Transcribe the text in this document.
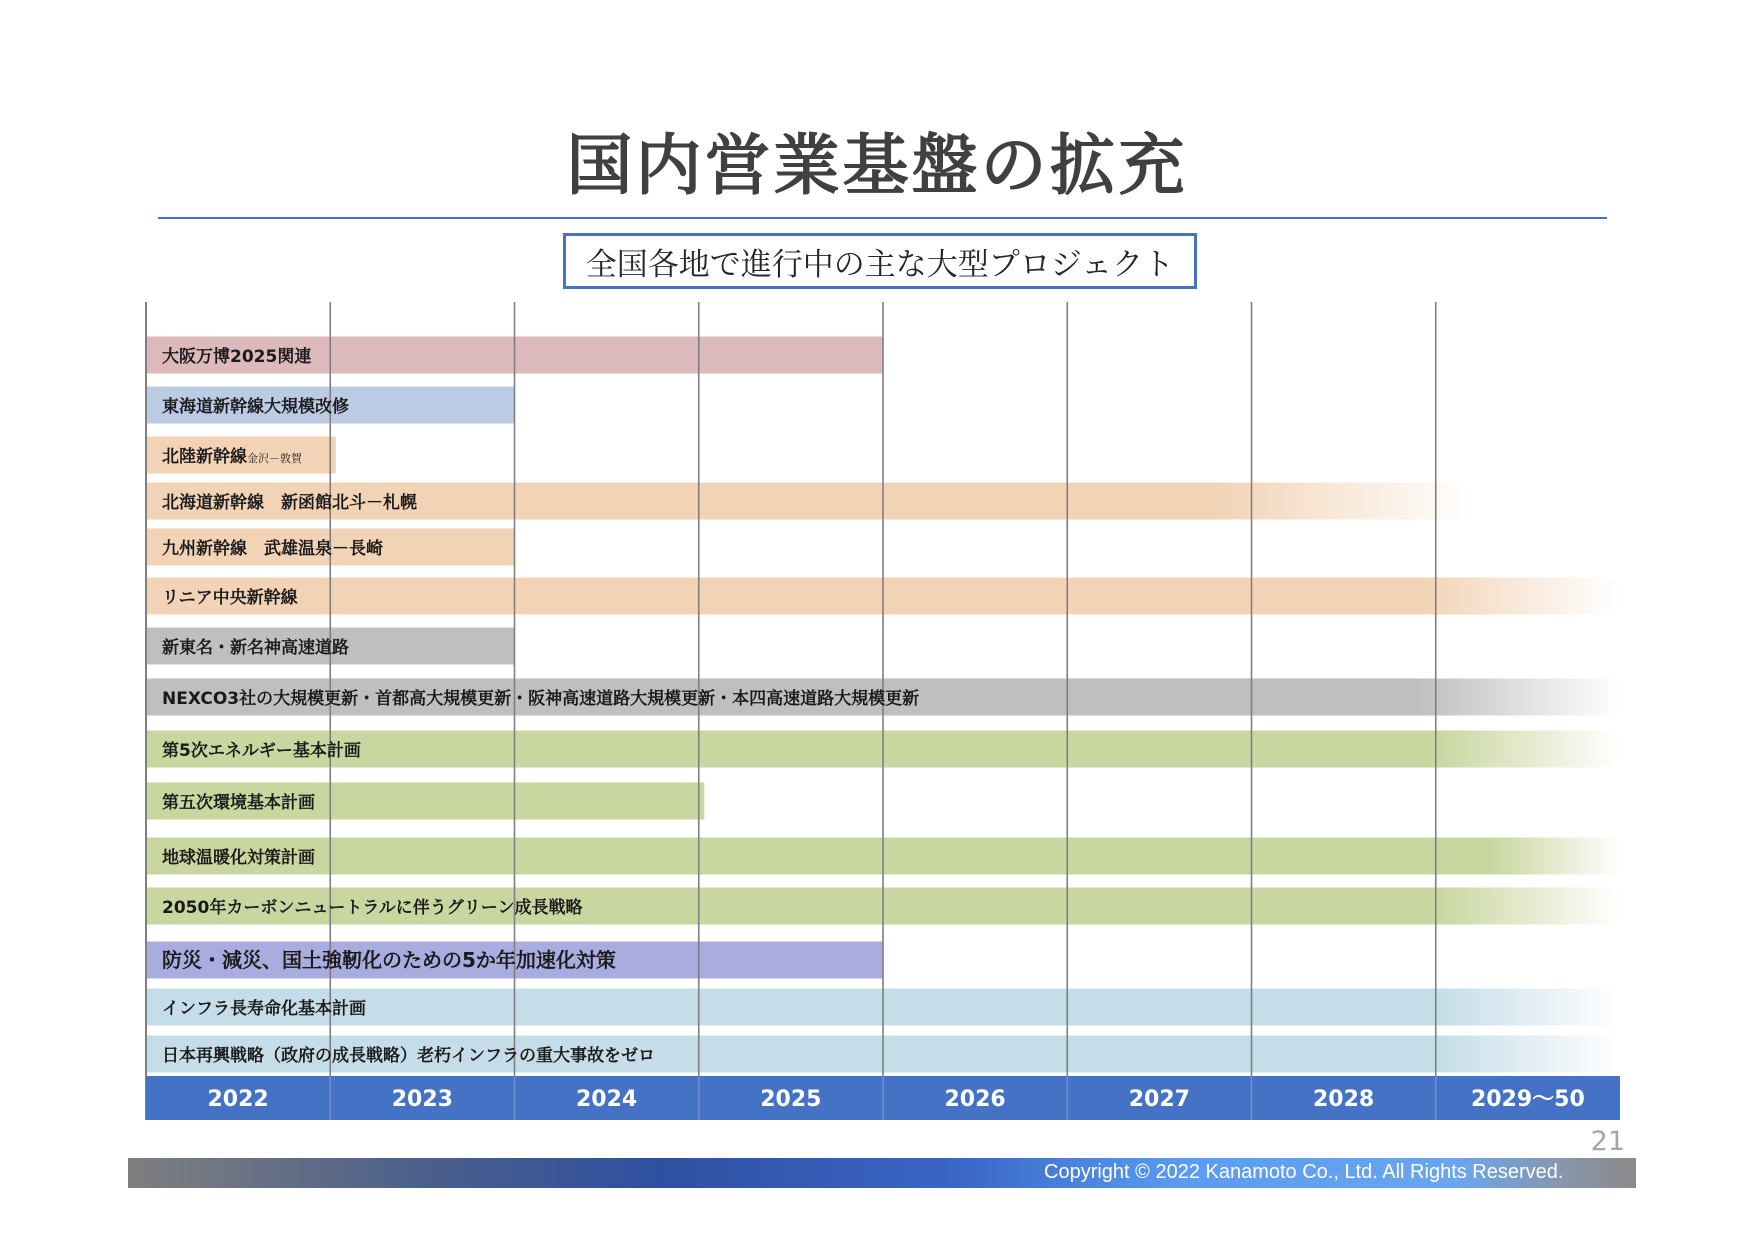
国内営業基盤の拡充
全国各地で進行中の主な大型プロジェクト
大阪万博2025関連
東海道新幹線大規模改修
北陸新幹線金沢－敦賀
北海道新幹線　新函館北斗－札幌
九州新幹線　武雄温泉－長崎
リニア中央新幹線
新東名・新名神高速道路
NEXCO3社の大規模更新・首都高大規模更新・阪神高速道路大規模更新・本四高速道路大規模更新
第5次エネルギー基本計画
第五次環境基本計画
地球温暖化対策計画
2050年カーボンニュートラルに伴うグリーン成長戦略
防災・減災、国土強靭化のための5か年加速化対策
インフラ長寿命化基本計画
日本再興戦略（政府の成長戦略）老朽インフラの重大事故をゼロ
2022	2023	2024	2025	2026	2027	2028	2029〜50
21
Copyright © 2022 Kanamoto Co., Ltd. All Rights Reserved.
